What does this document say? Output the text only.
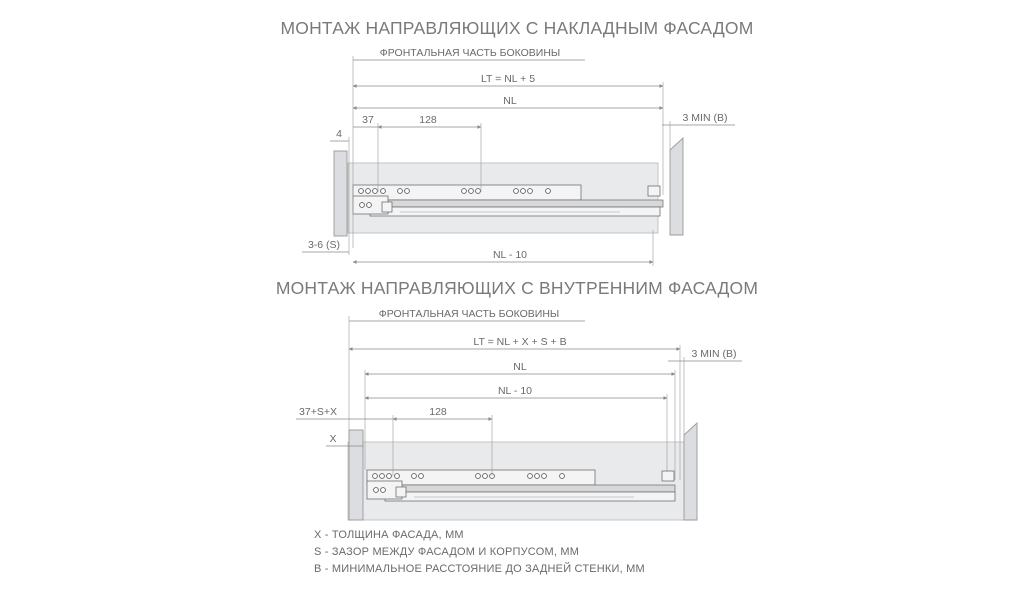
МОНТАЖ НАПРАВЛЯЮЩИХ С НАКЛАДНЫМ ФАСАДОМ
ФРОНТАЛЬНАЯ ЧАСТЬ БОКОВИНЫ
LT = NL + 5
NL
37	128
4
3 MIN (B)
3-6 (S)
NL - 10
МОНТАЖ НАПРАВЛЯЮЩИХ С ВНУТРЕННИМ ФАСАДОМ
ФРОНТАЛЬНАЯ ЧАСТЬ БОКОВИНЫ
LT = NL + X + S + B
3 MIN (B)
NL
NL - 10
37+S+X	128
X
X - ТОЛЩИНА ФАСАДА, ММ
S - ЗАЗОР МЕЖДУ ФАСАДОМ И КОРПУСОМ, ММ
B - МИНИМАЛЬНОЕ РАССТОЯНИЕ ДО ЗАДНЕЙ СТЕНКИ, ММ
